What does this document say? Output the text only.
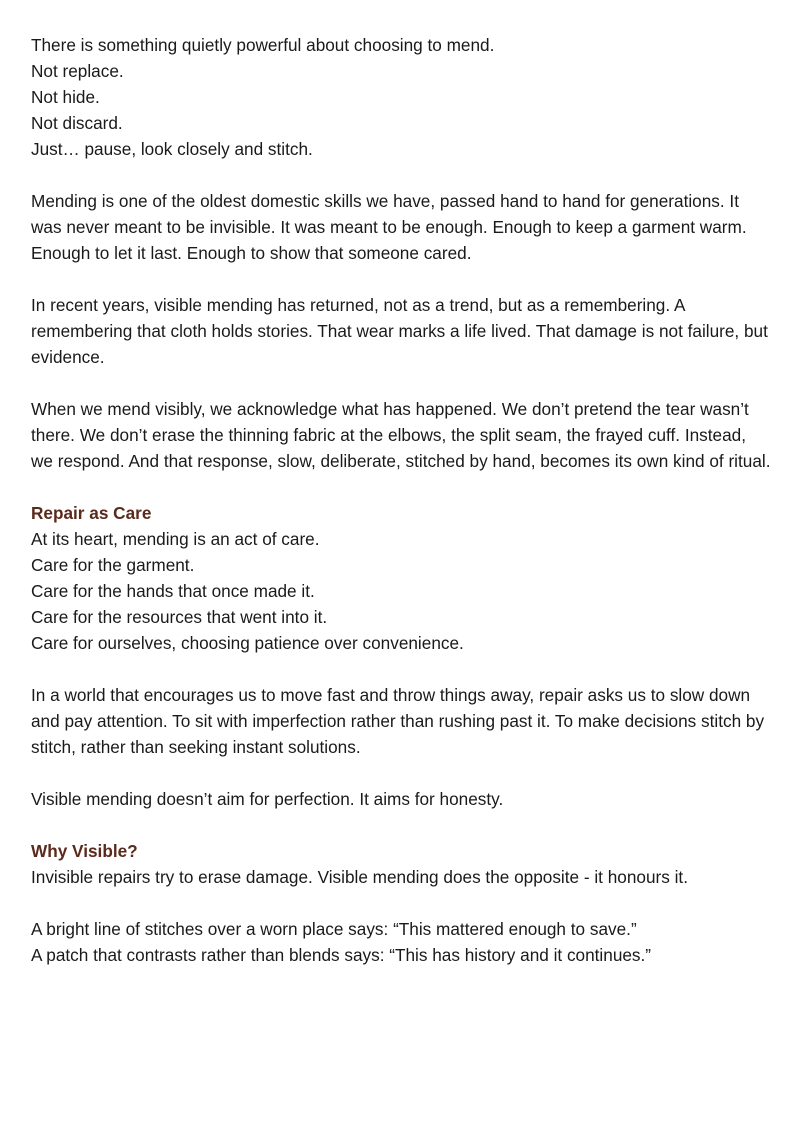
There is something quietly powerful about choosing to mend.
Not replace.
Not hide.
Not discard.
Just… pause, look closely and stitch.

Mending is one of the oldest domestic skills we have, passed hand to hand for generations. It was never meant to be invisible. It was meant to be enough. Enough to keep a garment warm. Enough to let it last. Enough to show that someone cared.

In recent years, visible mending has returned, not as a trend, but as a remembering. A remembering that cloth holds stories. That wear marks a life lived. That damage is not failure, but evidence.

When we mend visibly, we acknowledge what has happened. We don’t pretend the tear wasn’t there. We don’t erase the thinning fabric at the elbows, the split seam, the frayed cuff. Instead, we respond. And that response, slow, deliberate, stitched by hand, becomes its own kind of ritual.

Repair as Care
At its heart, mending is an act of care.
Care for the garment.
Care for the hands that once made it.
Care for the resources that went into it.
Care for ourselves, choosing patience over convenience.

In a world that encourages us to move fast and throw things away, repair asks us to slow down and pay attention. To sit with imperfection rather than rushing past it. To make decisions stitch by stitch, rather than seeking instant solutions.

Visible mending doesn’t aim for perfection. It aims for honesty.

Why Visible?

Invisible repairs try to erase damage. Visible mending does the opposite - it honours it.

A bright line of stitches over a worn place says: “This mattered enough to save.”
A patch that contrasts rather than blends says: “This has history and it continues.”
